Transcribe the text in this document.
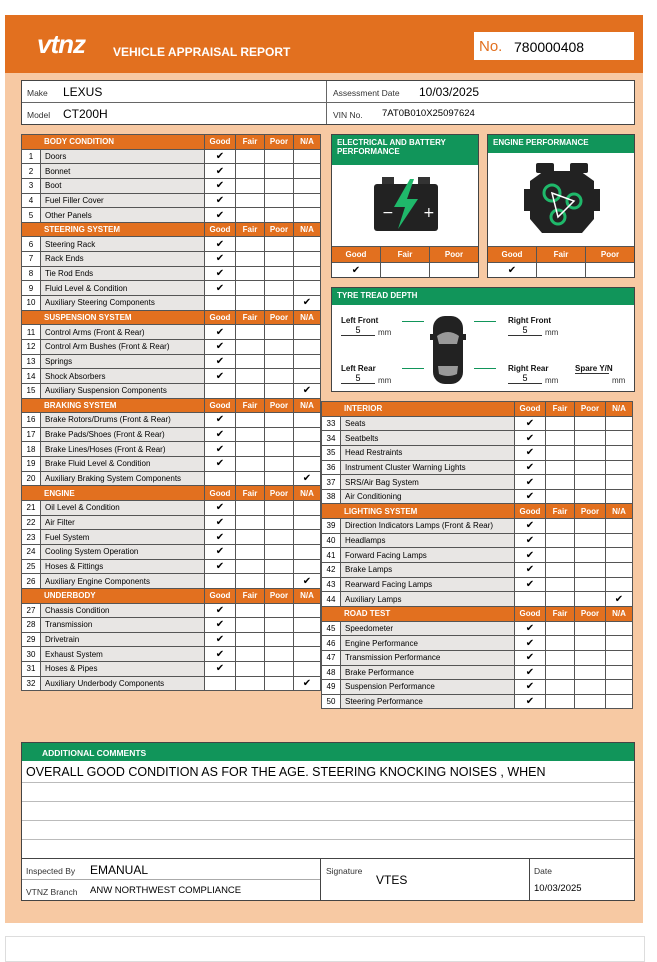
vtnz VEHICLE APPRAISAL REPORT	No. 780000408
Make LEXUS
Model CT200H
Assessment Date 10/03/2025
VIN No. 7AT0B010X25097624
BODY CONDITION		Good	Fair	Poor	N/A
1	Doors	✔			
2	Bonnet	✔			
3	Boot	✔			
4	Fuel Filler Cover	✔			
5	Other Panels	✔			
STEERING SYSTEM		Good	Fair	Poor	N/A
6	Steering Rack	✔			
7	Rack Ends	✔			
8	Tie Rod Ends	✔			
9	Fluid Level & Condition	✔			
10	Auxiliary Steering Components				✔
SUSPENSION SYSTEM		Good	Fair	Poor	N/A
11	Control Arms (Front & Rear)	✔			
12	Control Arm Bushes (Front & Rear)	✔			
13	Springs	✔			
14	Shock Absorbers	✔			
15	Auxiliary Suspension Components				✔
BRAKING SYSTEM		Good	Fair	Poor	N/A
16	Brake Rotors/Drums (Front & Rear)	✔			
17	Brake Pads/Shoes (Front & Rear)	✔			
18	Brake Lines/Hoses (Front & Rear)	✔			
19	Brake Fluid Level & Condition	✔			
20	Auxiliary Braking System Components				✔
ENGINE		Good	Fair	Poor	N/A
21	Oil Level & Condition	✔			
22	Air Filter	✔			
23	Fuel System	✔			
24	Cooling System Operation	✔			
25	Hoses & Fittings	✔			
26	Auxiliary Engine Components				✔
UNDERBODY		Good	Fair	Poor	N/A
27	Chassis Condition	✔			
28	Transmission	✔			
29	Drivetrain	✔			
30	Exhaust System	✔			
31	Hoses & Pipes	✔			
32	Auxiliary Underbody Components				✔
ELECTRICAL AND BATTERY PERFORMANCE
− +
Good	Fair	Poor
✔
ENGINE PERFORMANCE
Good	Fair	Poor
✔
TYRE TREAD DEPTH
Left Front
5	mm
Left Rear
5	mm
Right Front
5	mm
Right Rear
5	mm
Spare Y/N
mm
INTERIOR		Good	Fair	Poor	N/A
33	Seats	✔			
34	Seatbelts	✔			
35	Head Restraints	✔			
36	Instrument Cluster Warning Lights	✔			
37	SRS/Air Bag System	✔			
38	Air Conditioning	✔			
LIGHTING SYSTEM		Good	Fair	Poor	N/A
39	Direction Indicators Lamps (Front & Rear)	✔			
40	Headlamps	✔			
41	Forward Facing Lamps	✔			
42	Brake Lamps	✔			
43	Rearward Facing Lamps	✔			
44	Auxiliary Lamps				✔
ROAD TEST		Good	Fair	Poor	N/A
45	Speedometer	✔			
46	Engine Performance	✔			
47	Transmission Performance	✔			
48	Brake Performance	✔			
49	Suspension Performance	✔			
50	Steering Performance	✔			
ADDITIONAL COMMENTS
OVERALL GOOD CONDITION AS FOR THE AGE. STEERING KNOCKING NOISES , WHEN
Inspected By EMANUAL
VTNZ Branch ANW NORTHWEST COMPLIANCE
Signature
VTES
Date
10/03/2025
